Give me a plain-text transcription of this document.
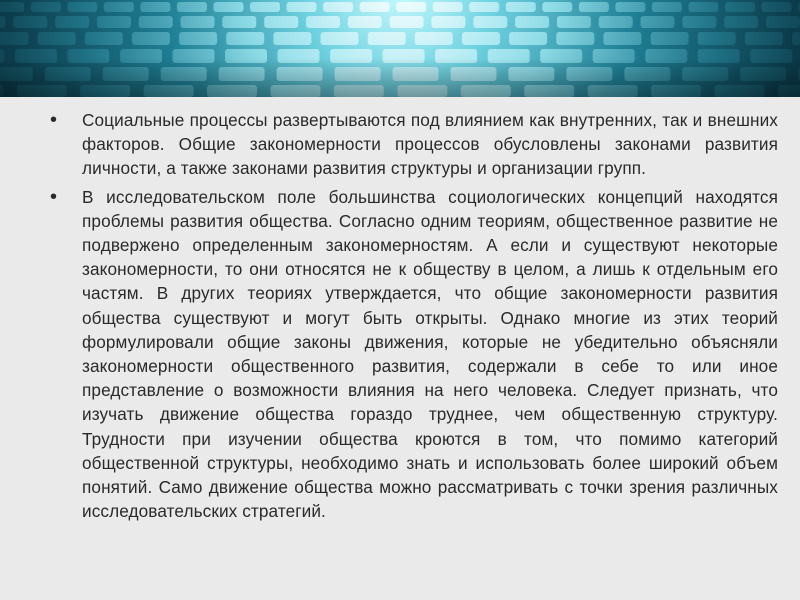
• Социальные процессы развертываются под влиянием как внутренних, так и внешних факторов. Общие закономерности процессов обусловлены законами развития личности, а также законами развития структуры и организации групп.
• В исследовательском поле большинства социологических концепций находятся проблемы развития общества. Согласно одним теориям, общественное развитие не подвержено определенным закономерностям. А если и существуют некоторые закономерности, то они относятся не к обществу в целом, а лишь к отдельным его частям. В других теориях утверждается, что общие закономерности развития общества существуют и могут быть открыты. Однако многие из этих теорий формулировали общие законы движения, которые не убедительно объясняли закономерности общественного развития, содержали в себе то или иное представление о возможности влияния на него человека. Следует признать, что изучать движение общества гораздо труднее, чем общественную структуру. Трудности при изучении общества кроются в том, что помимо категорий общественной структуры, необходимо знать и использовать более широкий объем понятий. Само движение общества можно рассматривать с точки зрения различных исследовательских стратегий.
